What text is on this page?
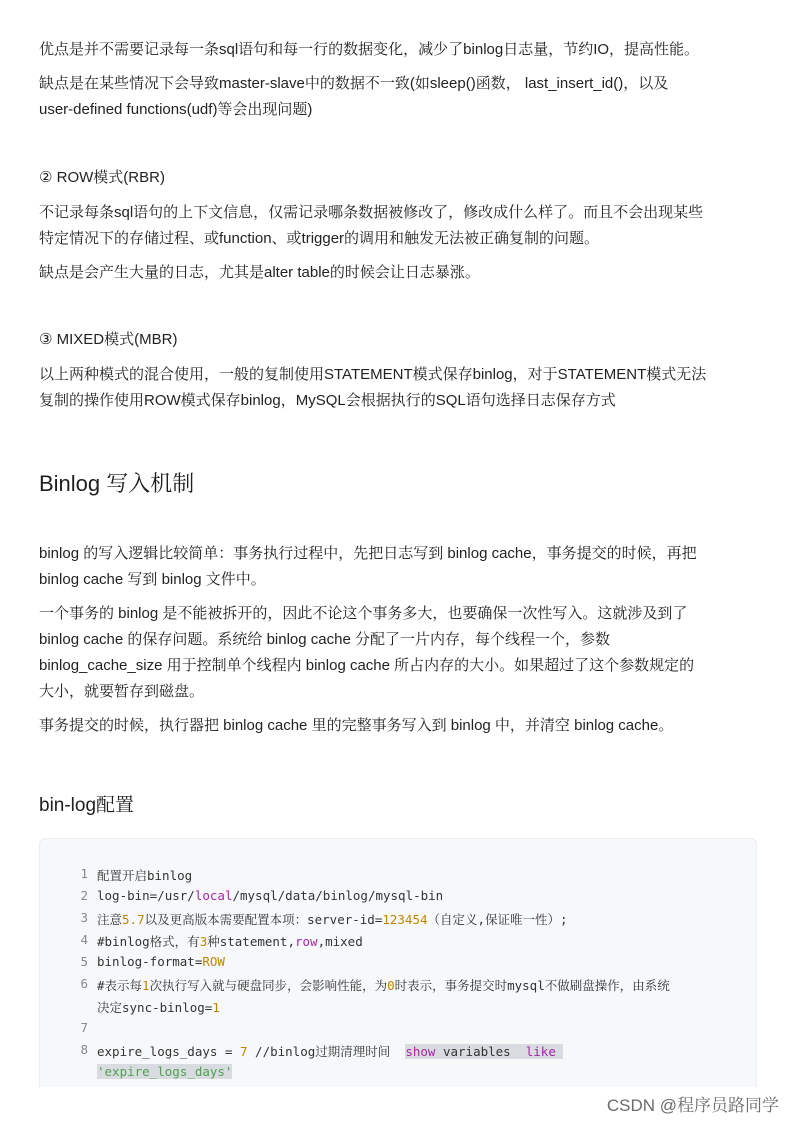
优点是并不需要记录每一条sql语句和每一行的数据变化，减少了binlog日志量，节约IO，提高性能。

缺点是在某些情况下会导致master-slave中的数据不一致(如sleep()函数， last_insert_id()，以及

user-defined functions(udf)等会出现问题)

② ROW模式(RBR)

不记录每条sql语句的上下文信息，仅需记录哪条数据被修改了，修改成什么样了。而且不会出现某些

特定情况下的存储过程、或function、或trigger的调用和触发无法被正确复制的问题。

缺点是会产生大量的日志，尤其是alter table的时候会让日志暴涨。

③ MIXED模式(MBR)

以上两种模式的混合使用，一般的复制使用STATEMENT模式保存binlog，对于STATEMENT模式无法

复制的操作使用ROW模式保存binlog，MySQL会根据执行的SQL语句选择日志保存方式

Binlog 写入机制

binlog 的写入逻辑比较简单：事务执行过程中，先把日志写到 binlog cache，事务提交的时候，再把

binlog cache 写到 binlog 文件中。

一个事务的 binlog 是不能被拆开的，因此不论这个事务多大，也要确保一次性写入。这就涉及到了

binlog cache 的保存问题。系统给 binlog cache 分配了一片内存，每个线程一个，参数

binlog_cache_size 用于控制单个线程内 binlog cache 所占内存的大小。如果超过了这个参数规定的

大小，就要暂存到磁盘。

事务提交的时候，执行器把 binlog cache 里的完整事务写入到 binlog 中，并清空 binlog cache。

bin-log配置
1 配置开启binlog
2 log-bin=/usr/local/mysql/data/binlog/mysql-bin
3 注意5.7以及更高版本需要配置本项：server-id=123454（自定义,保证唯一性）;
4 #binlog格式，有3种statement,row,mixed
5 binlog-format=ROW
6 #表示每1次执行写入就与硬盘同步，会影响性能，为0时表示，事务提交时mysql不做刷盘操作，由系统
决定sync-binlog=1
7
8 expire_logs_days = 7 //binlog过期清理时间  show variables  like
'expire_logs_days'
CSDN @程序员路同学
